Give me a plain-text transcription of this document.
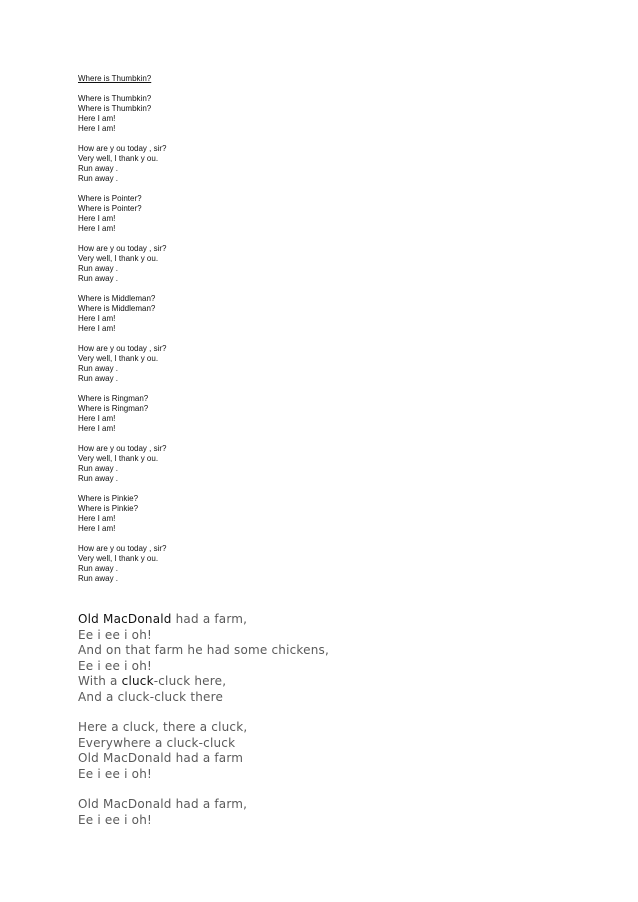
Where is Thumbkin?
Where is Thumbkin?
Where is Thumbkin?
Here I am!
Here I am!
How are y ou today , sir?
Very well, I thank y ou.
Run away .
Run away .
Where is Pointer?
Where is Pointer?
Here I am!
Here I am!
How are y ou today , sir?
Very well, I thank y ou.
Run away .
Run away .
Where is Middleman?
Where is Middleman?
Here I am!
Here I am!
How are y ou today , sir?
Very well, I thank y ou.
Run away .
Run away .
Where is Ringman?
Where is Ringman?
Here I am!
Here I am!
How are y ou today , sir?
Very well, I thank y ou.
Run away .
Run away .
Where is Pinkie?
Where is Pinkie?
Here I am!
Here I am!
How are y ou today , sir?
Very well, I thank y ou.
Run away .
Run away .
Old MacDonald had a farm,
Ee i ee i oh!
And on that farm he had some chickens,
Ee i ee i oh!
With a cluck-cluck here,
And a cluck-cluck there
Here a cluck, there a cluck,
Everywhere a cluck-cluck
Old MacDonald had a farm
Ee i ee i oh!
Old MacDonald had a farm,
Ee i ee i oh!
